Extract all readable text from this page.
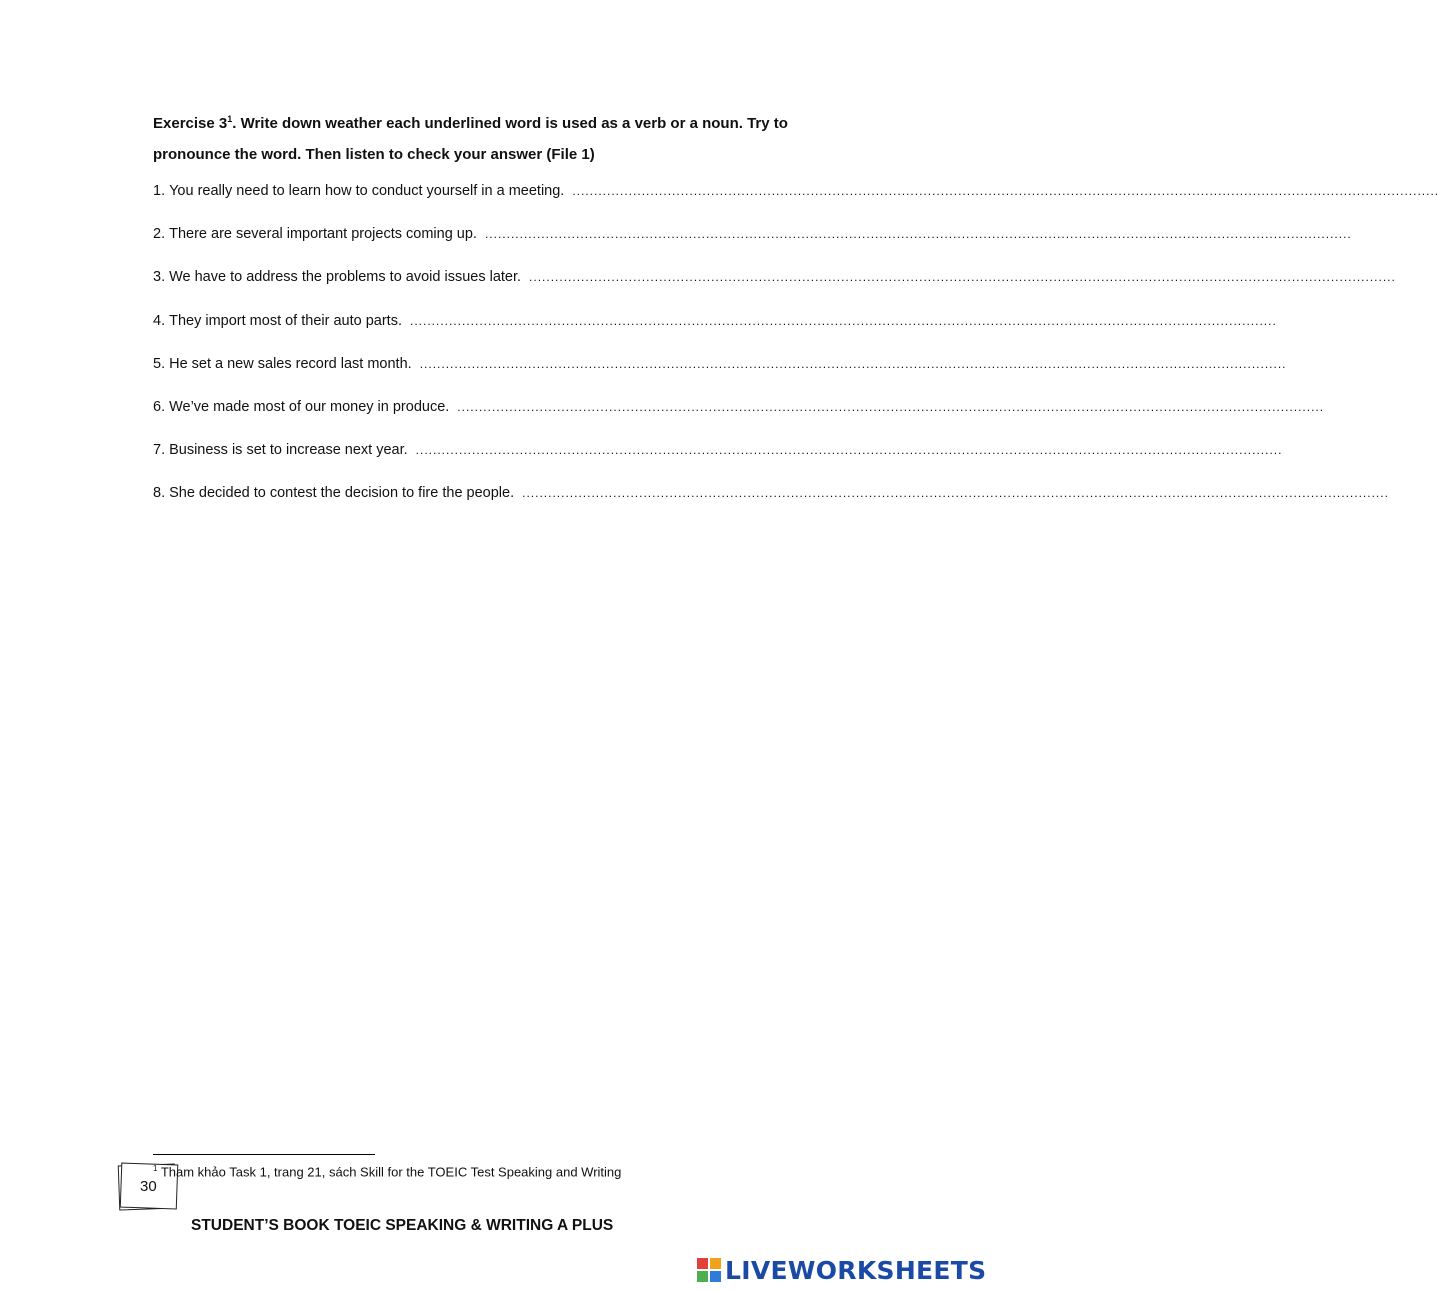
Exercise $3^1$. Write down weather each underlined word is used as a verb or a noun. Try to pronounce the word. Then listen to check your answer (File 1)

1. You really need to learn how to conduct yourself in a meeting. ........................................................................................................................................................................................................
2. There are several important projects coming up. ........................................................................................................................................................................................................
3. We have to address the problems to avoid issues later. ........................................................................................................................................................................................................
4. They import most of their auto parts. ........................................................................................................................................................................................................
5. He set a new sales record last month. ........................................................................................................................................................................................................
6. We’ve made most of our money in produce. ........................................................................................................................................................................................................
7. Business is set to increase next year. ........................................................................................................................................................................................................
8. She decided to contest the decision to fire the people. ........................................................................................................................................................................................................
30
$^1$ Tham khảo Task 1, trang 21, sách Skill for the TOEIC Test Speaking and Writing
STUDENT’S BOOK TOEIC SPEAKING & WRITING A PLUS
LIVEWORKSHEETS
